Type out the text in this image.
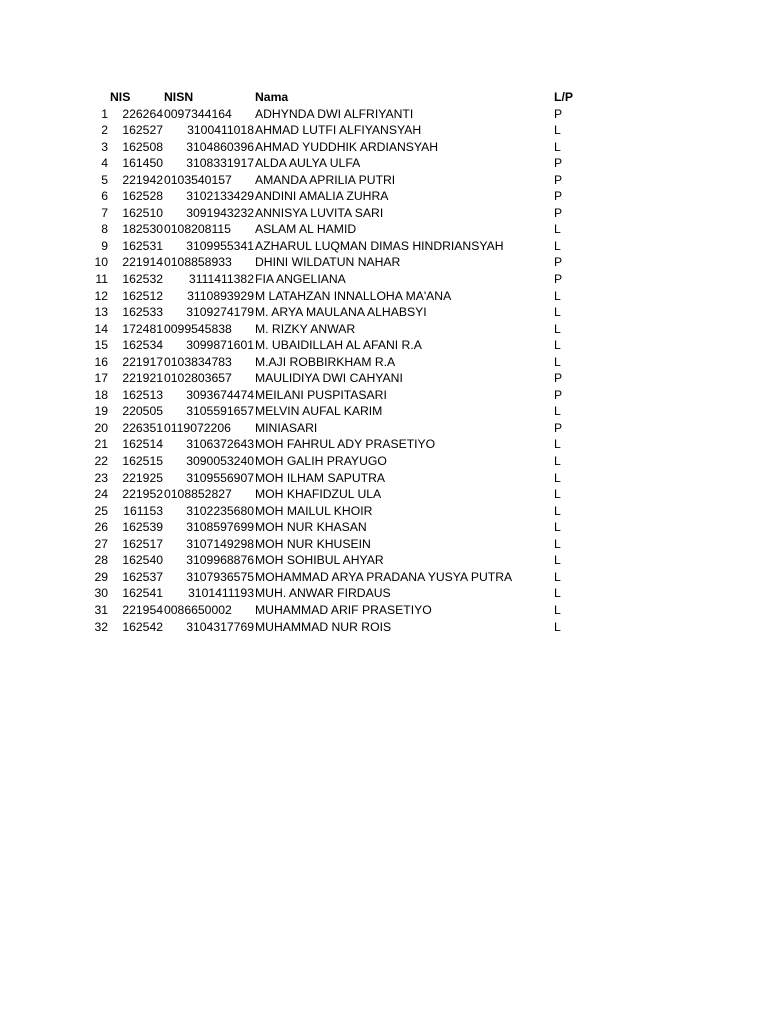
NIS	NISN	Nama	L/P
1 226264 0097344164 ADHYNDA DWI ALFRIYANTI	P
2 162527 3100411018 AHMAD LUTFI ALFIYANSYAH	L
3 162508 3104860396 AHMAD YUDDHIK ARDIANSYAH	L
4 161450 3108331917 ALDA AULYA ULFA	P
5 221942 0103540157 AMANDA APRILIA PUTRI	P
6 162528 3102133429 ANDINI AMALIA ZUHRA	P
7 162510 3091943232 ANNISYA LUVITA SARI	P
8 182530 0108208115 ASLAM AL HAMID	L
9 162531 3109955341 AZHARUL LUQMAN DIMAS HINDRIANSYAH	L
10 221914 0108858933 DHINI WILDATUN NAHAR	P
11 162532 3111411382 FIA ANGELIANA	P
12 162512 3110893929 M LATAHZAN INNALLOHA MA'ANA	L
13 162533 3109274179 M. ARYA MAULANA ALHABSYI	L
14 172481 0099545838 M. RIZKY ANWAR	L
15 162534 3099871601 M. UBAIDILLAH AL AFANI R.A	L
16 221917 0103834783 M.AJI ROBBIRKHAM R.A	L
17 221921 0102803657 MAULIDIYA DWI CAHYANI	P
18 162513 3093674474 MEILANI PUSPITASARI	P
19 220505 3105591657 MELVIN AUFAL KARIM	L
20 226351 0119072206 MINIASARI	P
21 162514 3106372643 MOH FAHRUL ADY PRASETIYO	L
22 162515 3090053240 MOH GALIH PRAYUGO	L
23 221925 3109556907 MOH ILHAM SAPUTRA	L
24 221952 0108852827 MOH KHAFIDZUL ULA	L
25 161153 3102235680 MOH MAILUL KHOIR	L
26 162539 3108597699 MOH NUR KHASAN	L
27 162517 3107149298 MOH NUR KHUSEIN	L
28 162540 3109968876 MOH SOHIBUL AHYAR	L
29 162537 3107936575 MOHAMMAD ARYA PRADANA YUSYA PUTRA	L
30 162541 3101411193 MUH. ANWAR FIRDAUS	L
31 221954 0086650002 MUHAMMAD ARIF PRASETIYO	L
32 162542 3104317769 MUHAMMAD NUR ROIS	L
